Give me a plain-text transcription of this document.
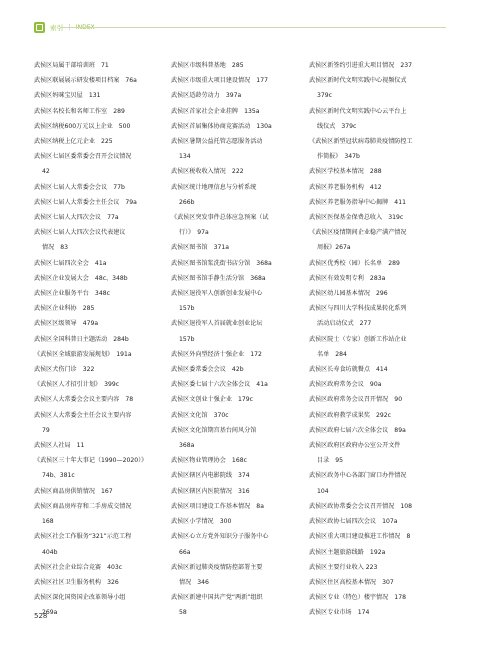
索引 | INDEX
武侯区局属干部培训班　71
武侯区联展展示研发楼项目档案　76a
武侯区妈咪宝贝屋　131
武侯区名校长和名师工作室　289
武侯区纳税600万元以上企业　500
武侯区纳税上亿元企业　225
武侯区七届区委常委会召开会议情况
42
武侯区七届人大常委会会议　77b
武侯区七届人大常委会主任会议　79a
武侯区七届人大四次会议　77a
武侯区七届人大四次会议代表建议
情况　83
武侯区七届四次全会　41a
武侯区企业发展大会　48c、348b
武侯区企业服务平台　348c
武侯区企业科协　285
武侯区区级领导　479a
武侯区全国科普日主题活动　284b
《武侯区全域旅游发展规划》　191a
武侯区犬伤门诊　322
《武侯区人才招引计划》　399c
武侯区人大常委会会议主要内容　78
武侯区人大常委会主任会议主要内容
79
武侯区人社局　11
《武侯区三十年大事记（1990—2020）》
74b、381c
武侯区商品房供销情况　167
武侯区商品房库存和二手房成交情况
168
武侯区社会工作服务“321”示范工程
404b
武侯区社会企业综合竞赛　403c
武侯区社区卫生服务机构　326
武侯区深化国资国企改革领导小组
269a
武侯区市级科普基地　285
武侯区市级重大项目建设情况　177
武侯区适龄劳动力　397a
武侯区首家社会企业挂牌　135a
武侯区首届集体协商竞赛活动　130a
武侯区暑期公益托管志愿服务活动
134
武侯区税收收入情况　222
武侯区统计地理信息与分析系统
266b
《武侯区突发事件总体应急预案（试
行）》　97a
武侯区图书馆　371a
武侯区图书馆浆洗街书店分馆　368a
武侯区图书馆手静生活分馆　368a
武侯区退役军人创新创业发展中心
157b
武侯区退役军人首届就业创业论坛
157b
武侯区外向型经济十强企业　172
武侯区委常委会会议　42b
武侯区委七届十六次全体会议　41a
武侯区文创业十强企业　179c
武侯区文化馆　370c
武侯区文化馆期宫基台间风分馆
368a
武侯区物业管理协会　168c
武侯区辖区内电影院线　374
武侯区辖区内医院情况　316
武侯区项目建设工作基本情况　8a
武侯区小学情况　300
武侯区心立方党外知识分子服务中心
66a
武侯区新冠肺炎疫情防控部署主要
情况　346
武侯区新建中国共产党“两新”组织
58
武侯区新签约引进重大项目情况　237
武侯区新时代文明实践中心视频仪式
379c
武侯区新时代文明实践中心云平台上
线仪式　379c
《武侯区新型冠状病毒肺炎疫情防控工
作简报》　347b
武侯区学校基本情况　288
武侯区养老服务机构　412
武侯区养老服务指导中心揭牌　411
武侯区医保基金保费总收入　319c
《武侯区疫情期间企业稳产满产情况
周报》267a
武侯区优秀校（园）长名单　289
武侯区有效发明专利　283a
武侯区幼儿园基本情况　296
武侯区与四川大学科技成果转化系列
活动启动仪式　277
武侯区院士（专家）创新工作站企业
名单　284
武侯区长寿食坊就餐点　414
武侯区政府常务会议　90a
武侯区政府常务会议召开情况　90
武侯区政府教学成果奖　292c
武侯区政府七届六次全体会议　89a
武侯区政府区政府办公室公开文件
目录　95
武侯区政务中心各部门窗口办件情况
104
武侯区政协常委会会议召开情况　108
武侯区政协七届四次会议　107a
武侯区重大项目建设推进工作情况　8
武侯区主题旅游线路　192a
武侯区主要行业收入 223
武侯区住区高校基本情况　307
武侯区专业（特色）楼宇情况　178
武侯区专业市场　174
528
